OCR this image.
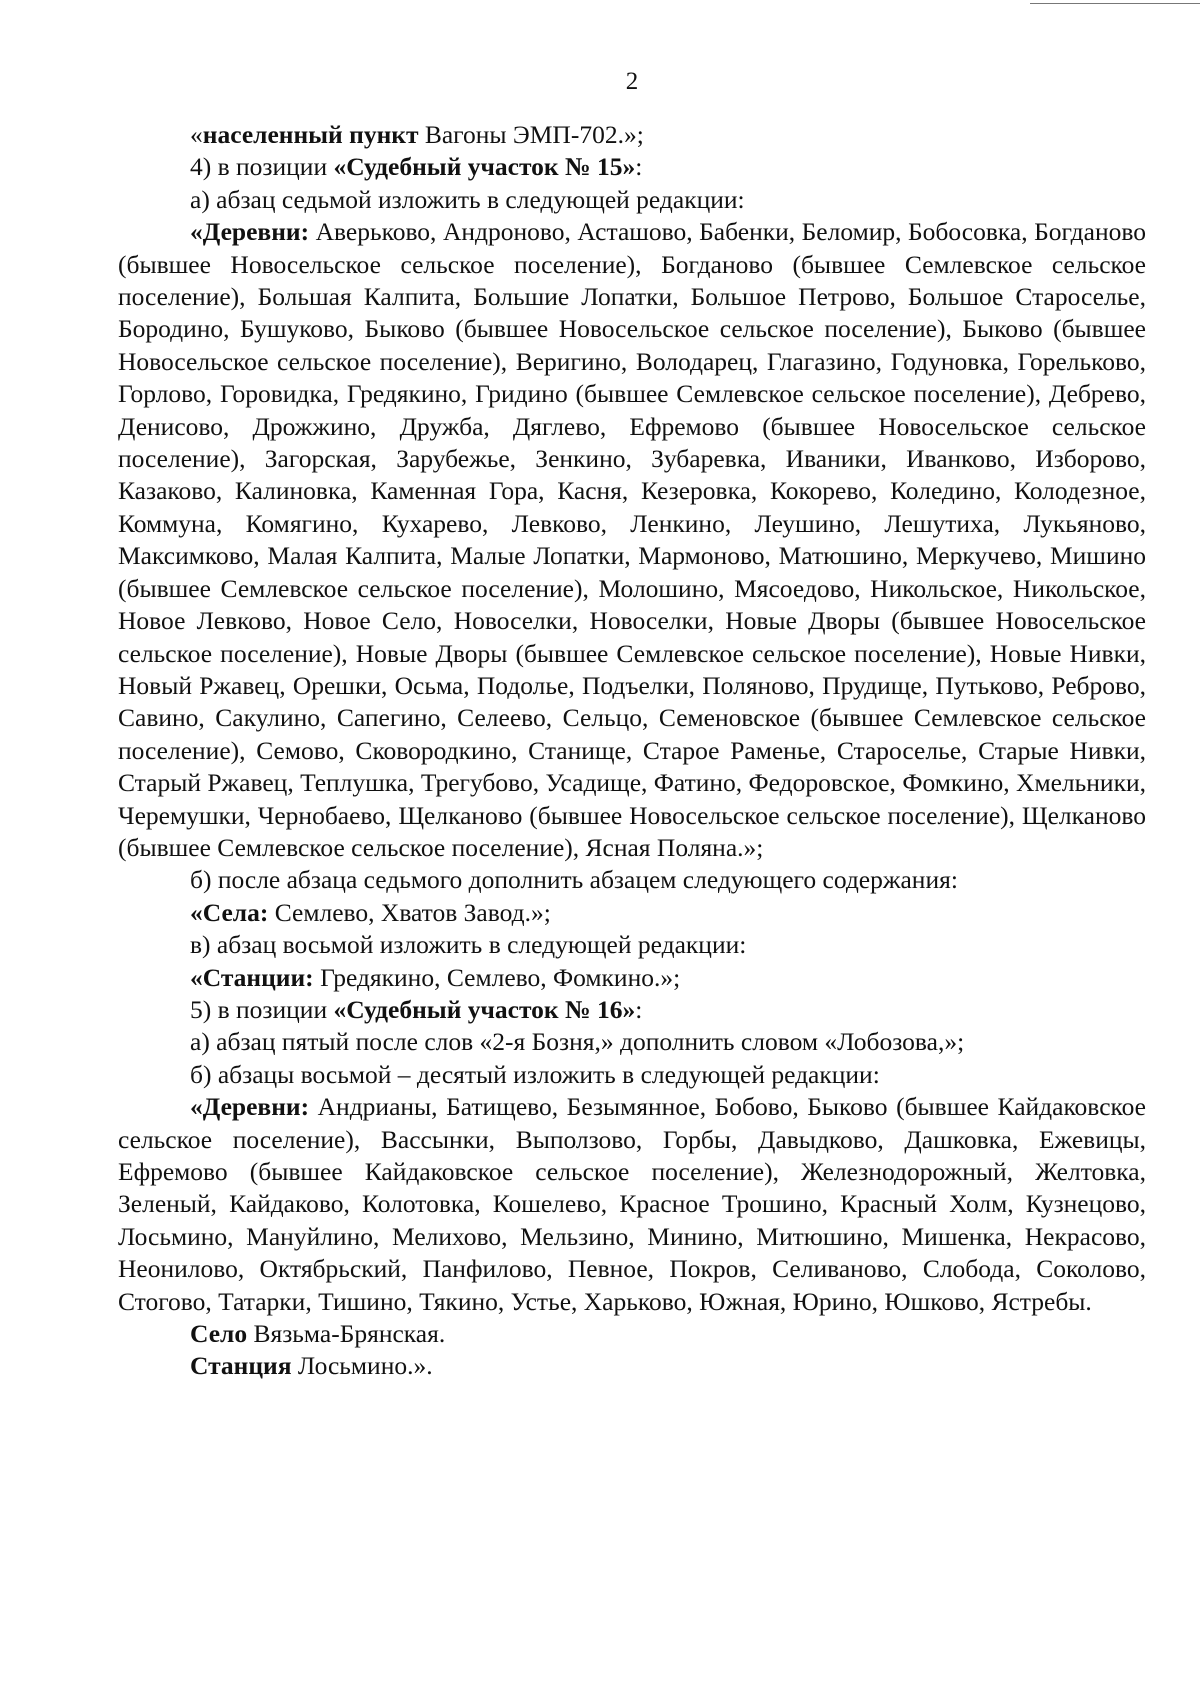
2

«населенный пункт Вагоны ЭМП-702.»;

4) в позиции «Судебный участок № 15»:

а) абзац седьмой изложить в следующей редакции:

«Деревни: Аверьково, Андроново, Асташово, Бабенки, Беломир, Бобосовка, Богданово (бывшее Новосельское сельское поселение), Богданово (бывшее Семлевское сельское поселение), Большая Калпита, Большие Лопатки, Большое Петрово, Большое Староселье, Бородино, Бушуково, Быково (бывшее Новосельское сельское поселение), Быково (бывшее Новосельское сельское поселение), Веригино, Володарец, Глагазино, Годуновка, Горельково, Горлово, Горовидка, Гредякино, Гридино (бывшее Семлевское сельское поселение), Дебрево, Денисово, Дрожжино, Дружба, Дяглево, Ефремово (бывшее Новосельское сельское поселение), Загорская, Зарубежье, Зенкино, Зубаревка, Иваники, Иванково, Изборово, Казаково, Калиновка, Каменная Гора, Касня, Кезеровка, Кокорево, Коледино, Колодезное, Коммуна, Комягино, Кухарево, Левково, Ленкино, Леушино, Лешутиха, Лукьяново, Максимково, Малая Калпита, Малые Лопатки, Мармоново, Матюшино, Меркучево, Мишино (бывшее Семлевское сельское поселение), Молошино, Мясоедово, Никольское, Никольское, Новое Левково, Новое Село, Новоселки, Новоселки, Новые Дворы (бывшее Новосельское сельское поселение), Новые Дворы (бывшее Семлевское сельское поселение), Новые Нивки, Новый Ржавец, Орешки, Осьма, Подолье, Подъелки, Поляново, Прудище, Путьково, Реброво, Савино, Сакулино, Сапегино, Селеево, Сельцо, Семеновское (бывшее Семлевское сельское поселение), Семово, Сковородкино, Станище, Старое Раменье, Староселье, Старые Нивки, Старый Ржавец, Теплушка, Трегубово, Усадище, Фатино, Федоровское, Фомкино, Хмельники, Черемушки, Чернобаево, Щелканово (бывшее Новосельское сельское поселение), Щелканово (бывшее Семлевское сельское поселение), Ясная Поляна.»;

б) после абзаца седьмого дополнить абзацем следующего содержания:

«Села: Семлево, Хватов Завод.»;

в) абзац восьмой изложить в следующей редакции:

«Станции: Гредякино, Семлево, Фомкино.»;

5) в позиции «Судебный участок № 16»:

а) абзац пятый после слов «2-я Бозня,» дополнить словом «Лобозова,»;

б) абзацы восьмой – десятый изложить в следующей редакции:

«Деревни: Андрианы, Батищево, Безымянное, Бобово, Быково (бывшее Кайдаковское сельское поселение), Вассынки, Выползово, Горбы, Давыдково, Дашковка, Ежевицы, Ефремово (бывшее Кайдаковское сельское поселение), Железнодорожный, Желтовка, Зеленый, Кайдаково, Колотовка, Кошелево, Красное Трошино, Красный Холм, Кузнецово, Лосьмино, Мануйлино, Мелихово, Мельзино, Минино, Митюшино, Мишенка, Некрасово, Неонилово, Октябрьский, Панфилово, Певное, Покров, Селиваново, Слобода, Соколово, Стогово, Татарки, Тишино, Тякино, Устье, Харьково, Южная, Юрино, Юшково, Ястребы.

Село Вязьма-Брянская.

Станция Лосьмино.».
